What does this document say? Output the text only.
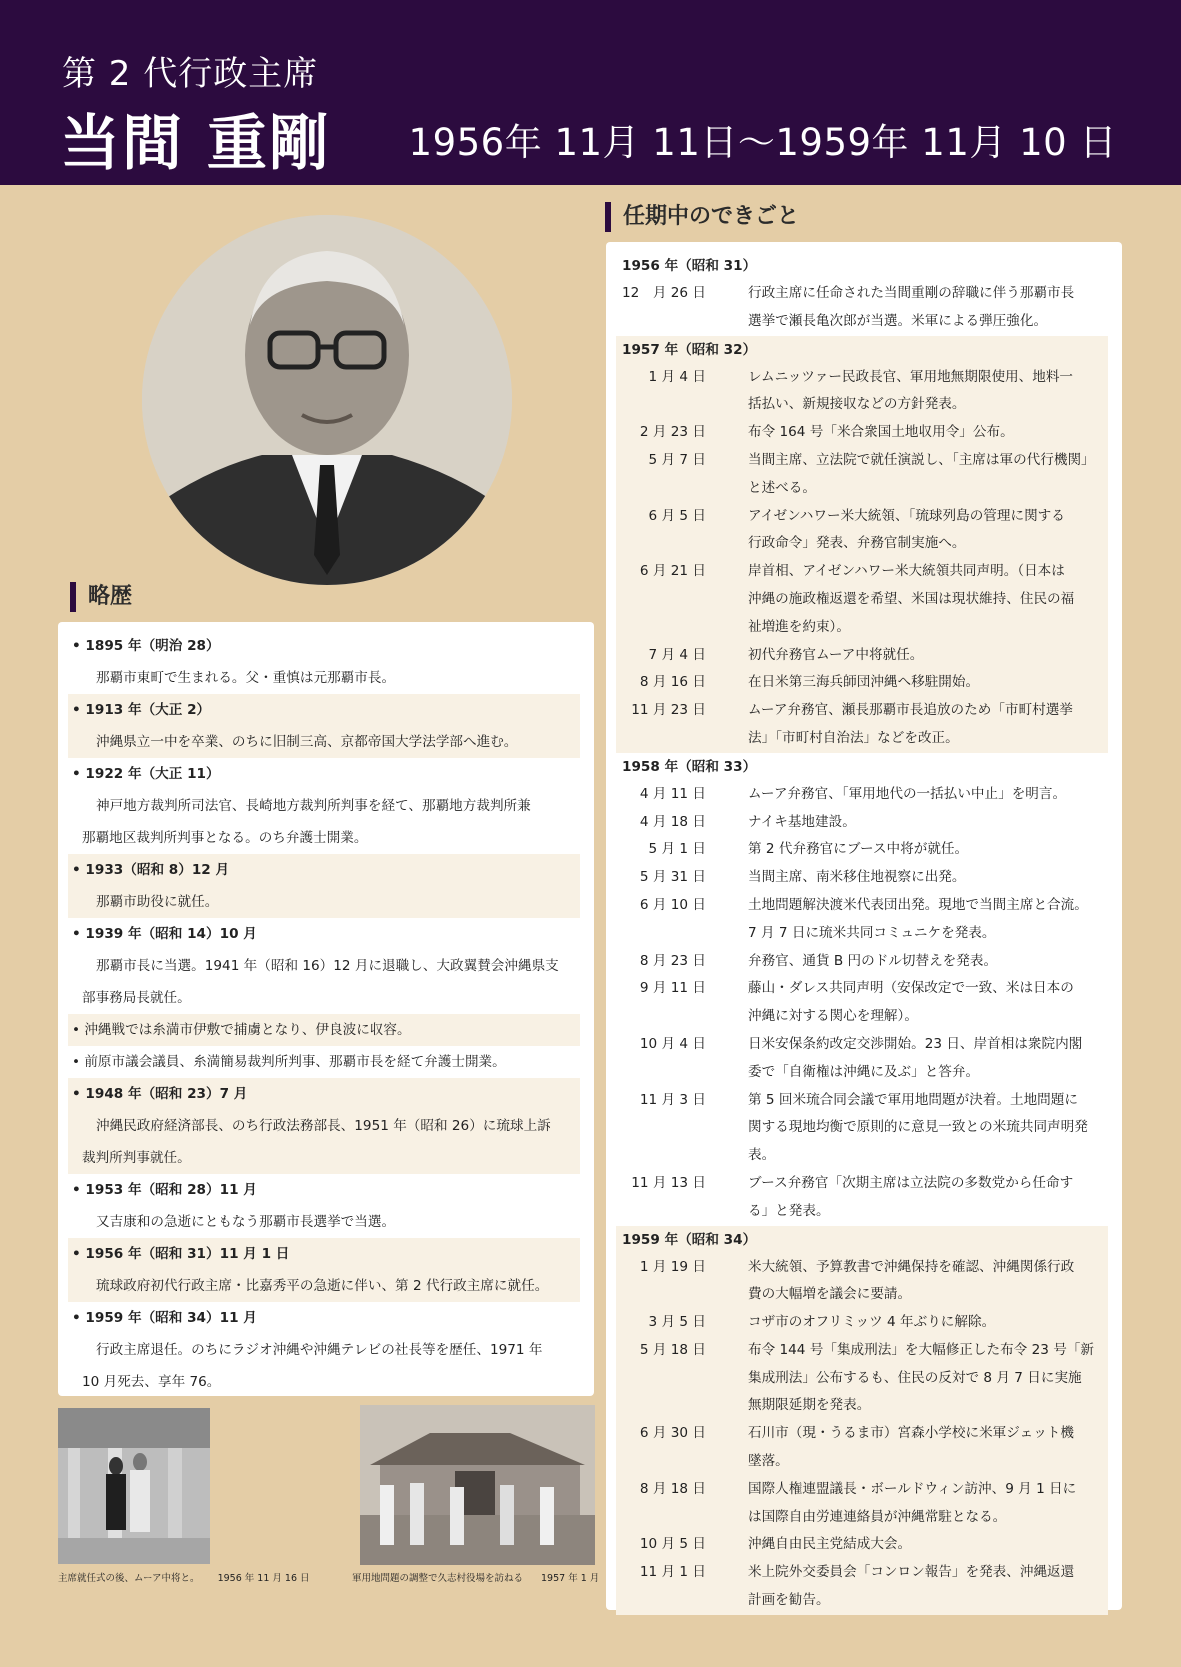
第 2 代行政主席
当間 重剛 1956年 11月 11日〜1959年 11月 10 日
略歴
• 1895 年（明治 28）
那覇市東町で生まれる。父・重慎は元那覇市長。
• 1913 年（大正 2）
沖縄県立一中を卒業、のちに旧制三高、京都帝国大学法学部へ進む。
• 1922 年（大正 11）
神戸地方裁判所司法官、長崎地方裁判所判事を経て、那覇地方裁判所兼
那覇地区裁判所判事となる。のち弁護士開業。
• 1933（昭和 8）12 月
那覇市助役に就任。
• 1939 年（昭和 14）10 月
那覇市長に当選。1941 年（昭和 16）12 月に退職し、大政翼賛会沖縄県支
部事務局長就任。
• 沖縄戦では糸満市伊敷で捕虜となり、伊良波に収容。
• 前原市議会議員、糸満簡易裁判所判事、那覇市長を経て弁護士開業。
• 1948 年（昭和 23）7 月
沖縄民政府経済部長、のち行政法務部長、1951 年（昭和 26）に琉球上訴
裁判所判事就任。
• 1953 年（昭和 28）11 月
又吉康和の急逝にともなう那覇市長選挙で当選。
• 1956 年（昭和 31）11 月 1 日
琉球政府初代行政主席・比嘉秀平の急逝に伴い、第 2 代行政主席に就任。
• 1959 年（昭和 34）11 月
行政主席退任。のちにラジオ沖縄や沖縄テレビの社長等を歴任、1971 年
10 月死去、享年 76。
任期中のできごと
1956 年（昭和 31）
12　月 26 日	行政主席に任命された当間重剛の辞職に伴う那覇市長
選挙で瀬長亀次郎が当選。米軍による弾圧強化。
1957 年（昭和 32）
1 月 4 日	レムニッツァー民政長官、軍用地無期限使用、地料一
括払い、新規接収などの方針発表。
2 月 23 日	布令 164 号「米合衆国土地収用令」公布。
5 月 7 日	当間主席、立法院で就任演説し、「主席は軍の代行機関」
と述べる。
6 月 5 日	アイゼンハワー米大統領、「琉球列島の管理に関する
行政命令」発表、弁務官制実施へ。
6 月 21 日	岸首相、アイゼンハワー米大統領共同声明。（日本は
沖縄の施政権返還を希望、米国は現状維持、住民の福
祉増進を約束）。
7 月 4 日	初代弁務官ムーア中将就任。
8 月 16 日	在日米第三海兵師団沖縄へ移駐開始。
11 月 23 日	ムーア弁務官、瀬長那覇市長追放のため「市町村選挙
法」「市町村自治法」などを改正。
1958 年（昭和 33）
4 月 11 日	ムーア弁務官、「軍用地代の一括払い中止」を明言。
4 月 18 日	ナイキ基地建設。
5 月 1 日	第 2 代弁務官にブース中将が就任。
5 月 31 日	当間主席、南米移住地視察に出発。
6 月 10 日	土地問題解決渡米代表団出発。現地で当間主席と合流。
7 月 7 日に琉米共同コミュニケを発表。
8 月 23 日	弁務官、通貨 B 円のドル切替えを発表。
9 月 11 日	藤山・ダレス共同声明（安保改定で一致、米は日本の
沖縄に対する関心を理解）。
10 月 4 日	日米安保条約改定交渉開始。23 日、岸首相は衆院内閣
委で「自衛権は沖縄に及ぶ」と答弁。
11 月 3 日	第 5 回米琉合同会議で軍用地問題が決着。土地問題に
関する現地均衡で原則的に意見一致との米琉共同声明発表。
11 月 13 日	ブース弁務官「次期主席は立法院の多数党から任命す
る」と発表。
1959 年（昭和 34）
1 月 19 日	米大統領、予算教書で沖縄保持を確認、沖縄関係行政
費の大幅増を議会に要請。
3 月 5 日	コザ市のオフリミッツ 4 年ぶりに解除。
5 月 18 日	布令 144 号「集成刑法」を大幅修正した布令 23 号「新
集成刑法」公布するも、住民の反対で 8 月 7 日に実施
無期限延期を発表。
6 月 30 日	石川市（現・うるま市）宮森小学校に米軍ジェット機
墜落。
8 月 18 日	国際人権連盟議長・ボールドウィン訪沖、9 月 1 日に
は国際自由労連連絡員が沖縄常駐となる。
10 月 5 日	沖縄自由民主党結成大会。
11 月 1 日	米上院外交委員会「コンロン報告」を発表、沖縄返還
計画を勧告。
主席就任式の後、ムーア中将と。 1956 年 11 月 16 日	軍用地問題の調整で久志村役場を訪ねる 1957 年 1 月
